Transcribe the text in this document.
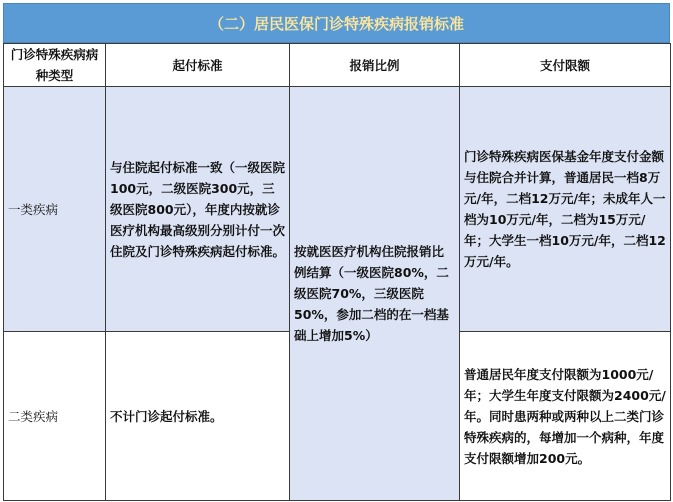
（二）居民医保门诊特殊疾病报销标准
门诊特殊疾病病种类型	起付标准	报销比例	支付限额
一类疾病	与住院起付标准一致（一级医院100元，二级医院300元，三级医院800元），年度内按就诊医疗机构最高级别分别计付一次住院及门诊特殊疾病起付标准。	按就医医疗机构住院报销比例结算（一级医院80%，二级医院70%，三级医院50%，参加二档的在一档基础上增加5%）	门诊特殊疾病医保基金年度支付金额与住院合并计算，普通居民一档8万元/年，二档12万元/年；未成年人一档为10万元/年，二档为15万元/年；大学生一档10万元/年，二档12万元/年。
二类疾病	不计门诊起付标准。		普通居民年度支付限额为1000元/年；大学生年度支付限额为2400元/年。同时患两种或两种以上二类门诊特殊疾病的，每增加一个病种，年度支付限额增加200元。
